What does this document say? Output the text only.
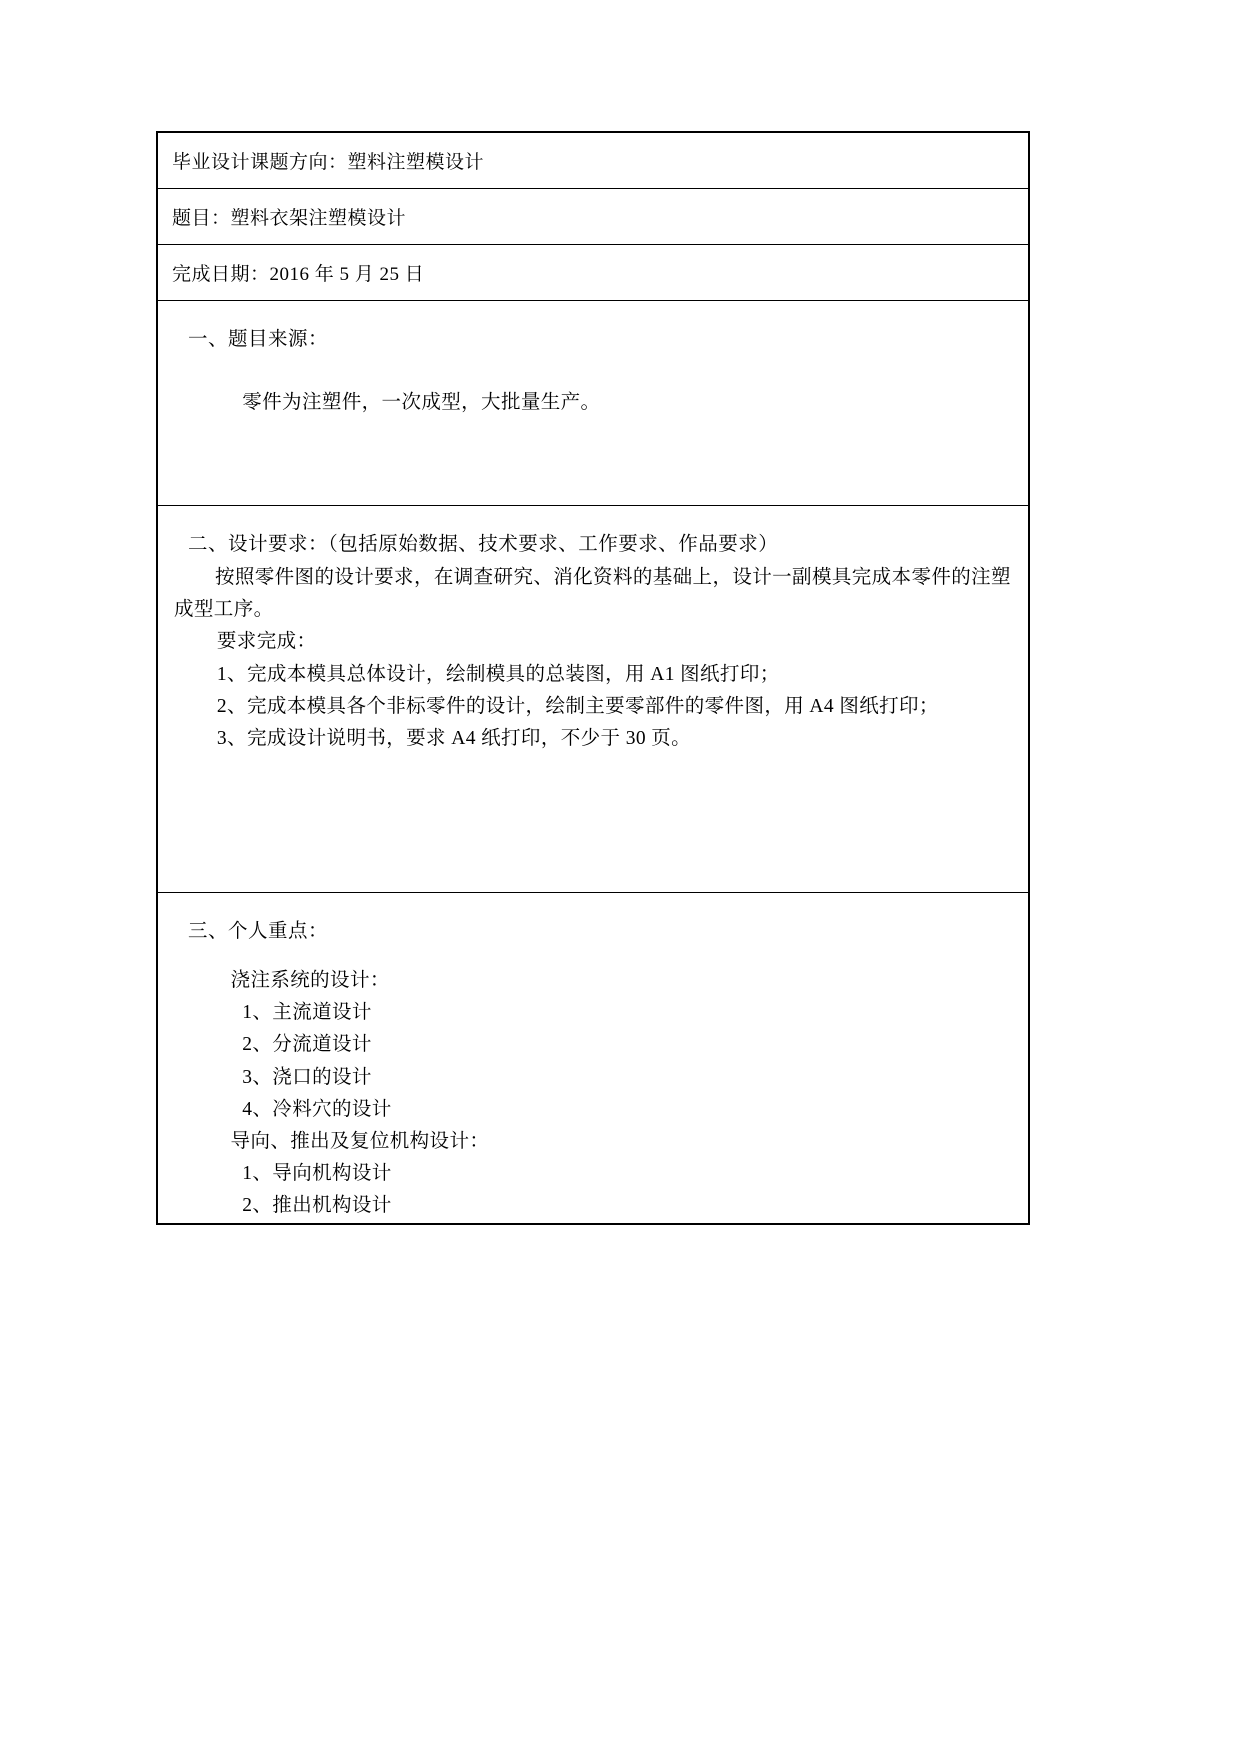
毕业设计课题方向：塑料注塑模设计
题目：塑料衣架注塑模设计
完成日期：2016 年 5 月 25 日
一、题目来源：
零件为注塑件，一次成型，大批量生产。
二、设计要求：（包括原始数据、技术要求、工作要求、作品要求）
按照零件图的设计要求，在调查研究、消化资料的基础上，设计一副模具完成本零件的注塑成型工序。
要求完成：
1、完成本模具总体设计，绘制模具的总装图，用 A1 图纸打印；
2、完成本模具各个非标零件的设计，绘制主要零部件的零件图，用 A4 图纸打印；
3、完成设计说明书，要求 A4 纸打印，不少于 30 页。
三、个人重点：
浇注系统的设计：
1、主流道设计
2、分流道设计
3、浇口的设计
4、冷料穴的设计
导向、推出及复位机构设计：
1、导向机构设计
2、推出机构设计
